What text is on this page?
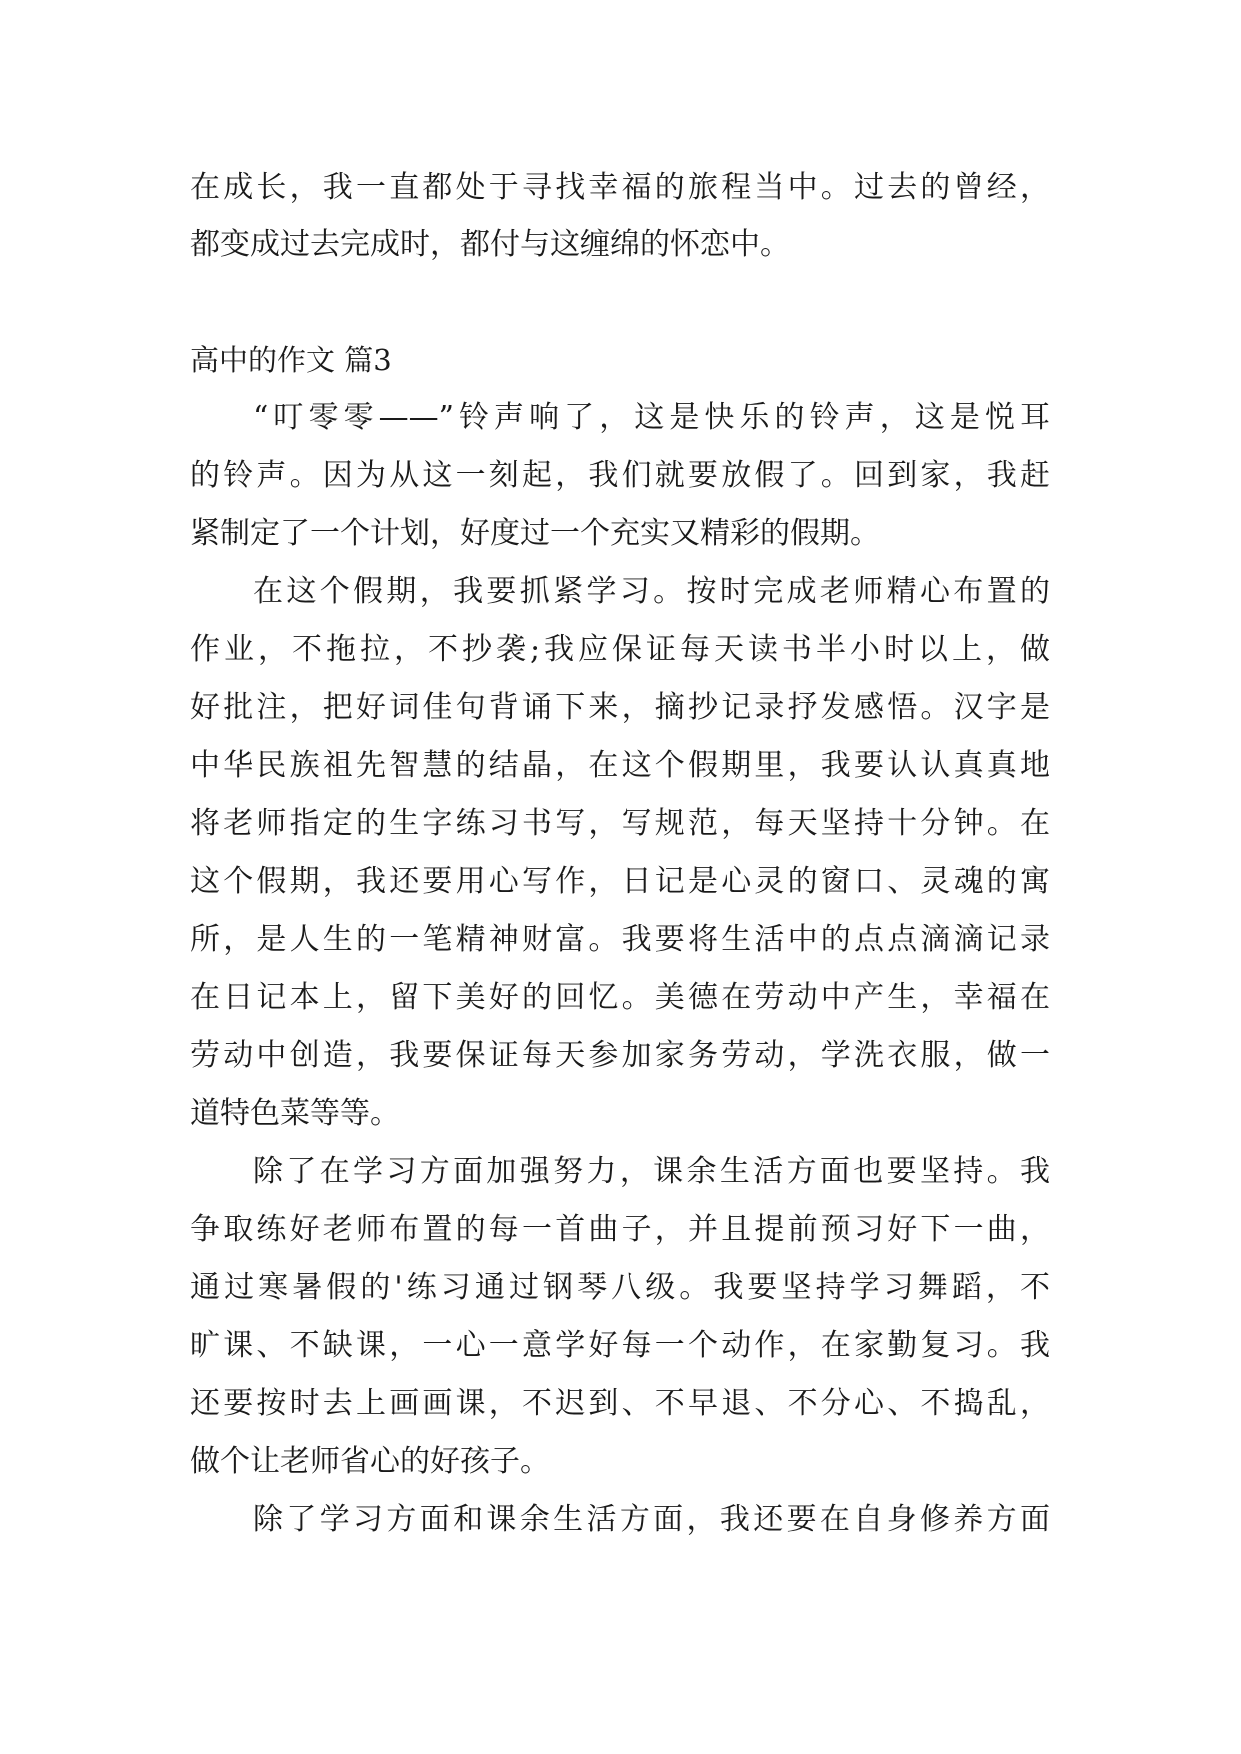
在成长，我一直都处于寻找幸福的旅程当中。过去的曾经，
都变成过去完成时，都付与这缠绵的怀恋中。
高中的作文 篇3
“叮零零——”铃声响了，这是快乐的铃声，这是悦耳
的铃声。因为从这一刻起，我们就要放假了。回到家，我赶
紧制定了一个计划，好度过一个充实又精彩的假期。
在这个假期，我要抓紧学习。按时完成老师精心布置的
作业，不拖拉，不抄袭;我应保证每天读书半小时以上，做
好批注，把好词佳句背诵下来，摘抄记录抒发感悟。汉字是
中华民族祖先智慧的结晶，在这个假期里，我要认认真真地
将老师指定的生字练习书写，写规范，每天坚持十分钟。在
这个假期，我还要用心写作，日记是心灵的窗口、灵魂的寓
所，是人生的一笔精神财富。我要将生活中的点点滴滴记录
在日记本上，留下美好的回忆。美德在劳动中产生，幸福在
劳动中创造，我要保证每天参加家务劳动，学洗衣服，做一
道特色菜等等。
除了在学习方面加强努力，课余生活方面也要坚持。我
争取练好老师布置的每一首曲子，并且提前预习好下一曲，
通过寒暑假的'练习通过钢琴八级。我要坚持学习舞蹈，不
旷课、不缺课，一心一意学好每一个动作，在家勤复习。我
还要按时去上画画课，不迟到、不早退、不分心、不捣乱，
做个让老师省心的好孩子。
除了学习方面和课余生活方面，我还要在自身修养方面
